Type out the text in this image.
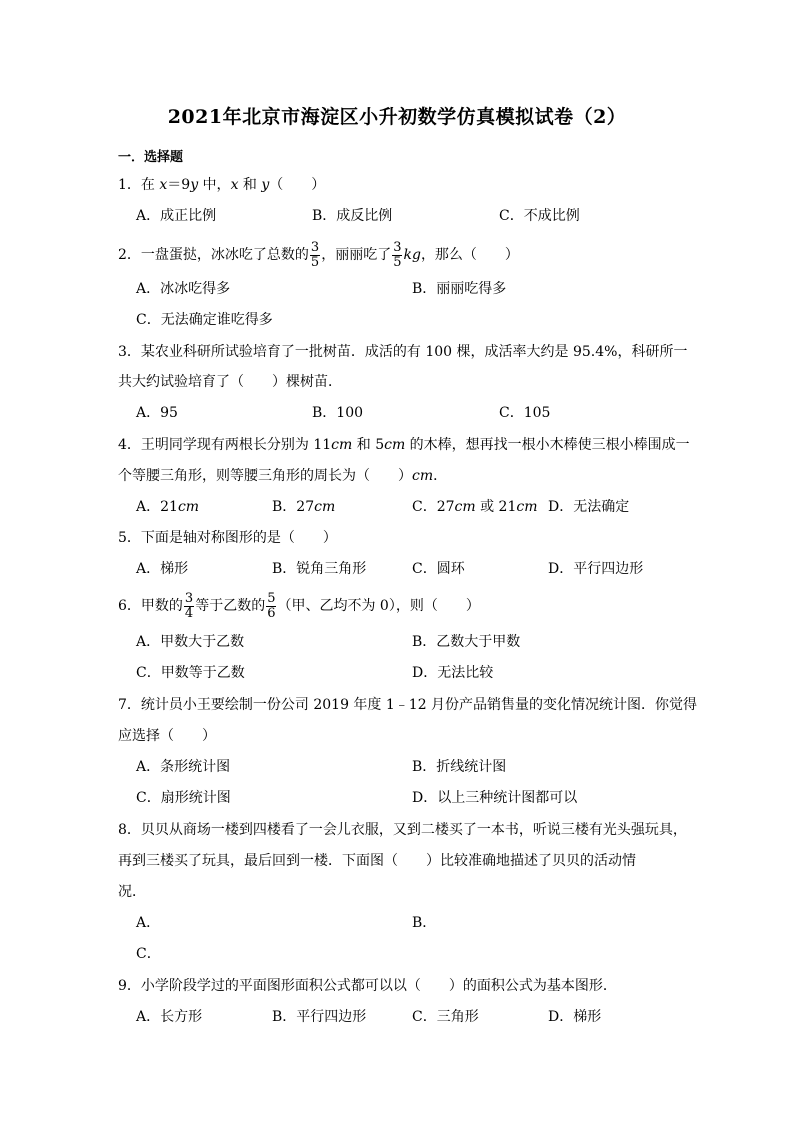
2021年北京市海淀区小升初数学仿真模拟试卷（2）
一．选择题
1．在 x＝9y 中，x 和 y（　　）
A．成正比例	B．成反比例	C．不成比例
2．一盘蛋挞，冰冰吃了总数的 $\frac{3}{5}$ ，丽丽吃了 $\frac{3}{5}$ kg，那么（　　）
A．冰冰吃得多	B．丽丽吃得多
C．无法确定谁吃得多
3．某农业科研所试验培育了一批树苗．成活的有 100 棵，成活率大约是 95.4%，科研所一
共大约试验培育了（　　）棵树苗．
A．95	B．100	C．105
4．王明同学现有两根长分别为 11cm 和 5cm 的木棒，想再找一根小木棒使三根小棒围成一
个等腰三角形，则等腰三角形的周长为（　　）cm．
A．21cm	B．27cm	C．27cm 或 21cm D．无法确定
5．下面是轴对称图形的是（　　）
A．梯形	B．锐角三角形	C．圆环	D．平行四边形
6．甲数的 $\frac{3}{4}$ 等于乙数的 $\frac{5}{6}$ （甲、乙均不为 0），则（　　）
A．甲数大于乙数	B．乙数大于甲数
C．甲数等于乙数	D．无法比较
7．统计员小王要绘制一份公司 2019 年度 1﹣12 月份产品销售量的变化情况统计图．你觉得
应选择（　　）
A．条形统计图	B．折线统计图
C．扇形统计图	D．以上三种统计图都可以
8．贝贝从商场一楼到四楼看了一会儿衣服，又到二楼买了一本书，听说三楼有光头强玩具，
再到三楼买了玩具，最后回到一楼．下面图（　　）比较准确地描述了贝贝的活动情
况．
A．	B．
C．
9．小学阶段学过的平面图形面积公式都可以以（　　）的面积公式为基本图形．
A．长方形	B．平行四边形	C．三角形	D．梯形
